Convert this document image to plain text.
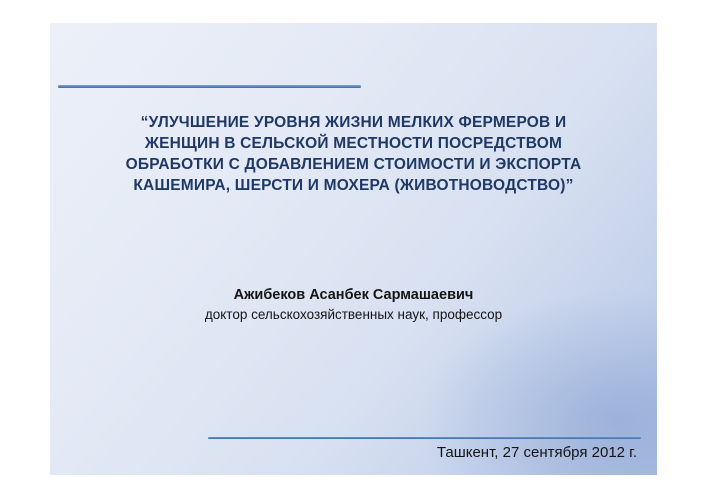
“УЛУЧШЕНИЕ УРОВНЯ ЖИЗНИ МЕЛКИХ ФЕРМЕРОВ И
ЖЕНЩИН В СЕЛЬСКОЙ МЕСТНОСТИ ПОСРЕДСТВОМ
ОБРАБОТКИ С ДОБАВЛЕНИЕМ СТОИМОСТИ И ЭКСПОРТА
КАШЕМИРА, ШЕРСТИ И МОХЕРА (ЖИВОТНОВОДСТВО)”
Ажибеков Асанбек Сармашаевич
доктор сельскохозяйственных наук, профессор
Ташкент, 27 сентября 2012 г.
